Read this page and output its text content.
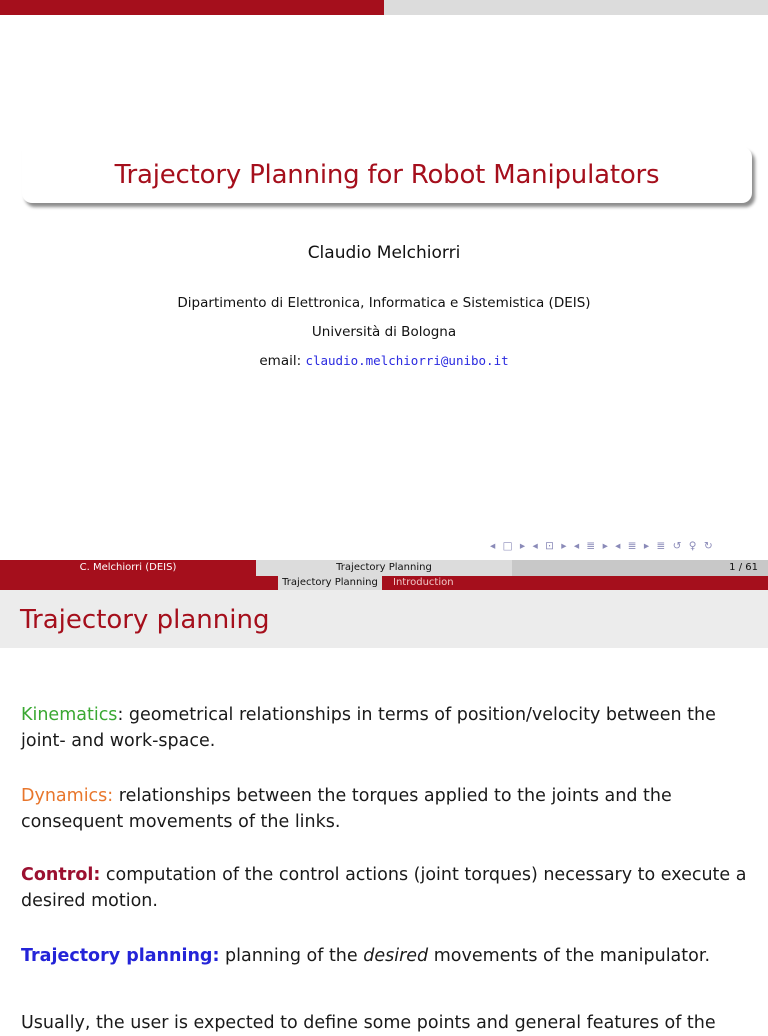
Trajectory Planning for Robot Manipulators
Claudio Melchiorri
Dipartimento di Elettronica, Informatica e Sistemistica (DEIS)
Università di Bologna
email: claudio.melchiorri@unibo.it
◂ □ ▸ ◂ ⊡ ▸ ◂ ≣ ▸ ◂ ≣ ▸ ≣ ↺ ♀ ↻
C. Melchiorri (DEIS)	Trajectory Planning	1 / 61
Trajectory Planning	Introduction
Trajectory planning
Kinematics: geometrical relationships in terms of position/velocity between the joint- and work-space.
Dynamics: relationships between the torques applied to the joints and the consequent movements of the links.
Control: computation of the control actions (joint torques) necessary to execute a desired motion.
Trajectory planning: planning of the desired movements of the manipulator.
Usually, the user is expected to define some points and general features of the
